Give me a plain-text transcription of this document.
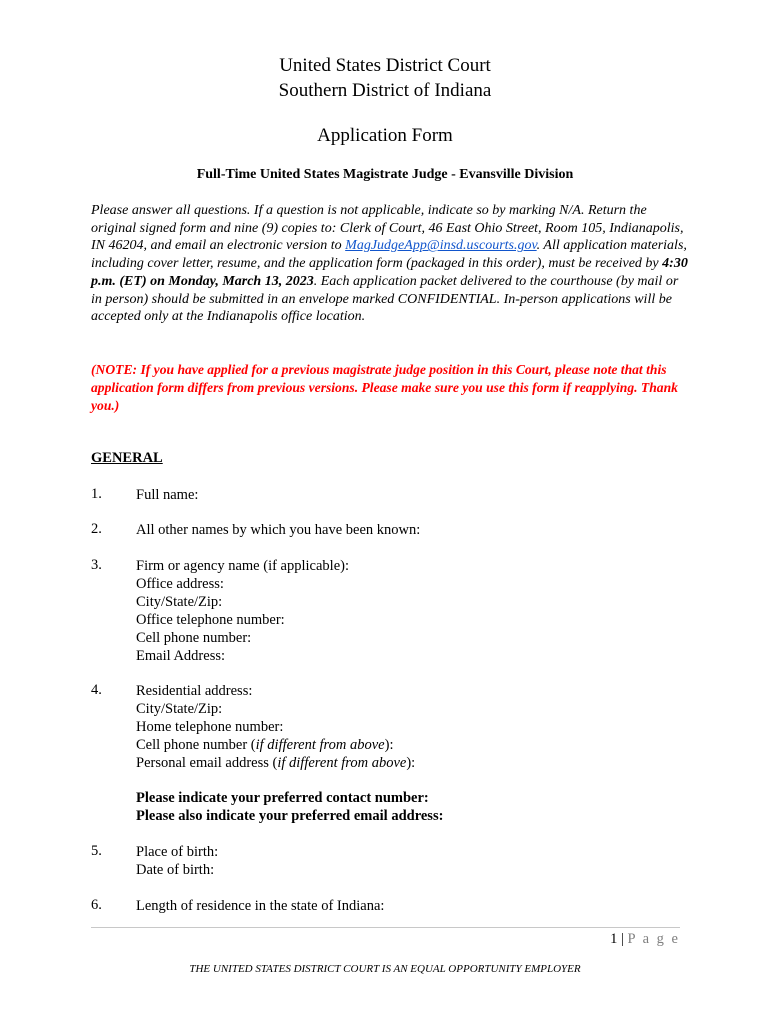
United States District Court
Southern District of Indiana
Application Form
Full-Time United States Magistrate Judge - Evansville Division
Please answer all questions. If a question is not applicable, indicate so by marking N/A. Return the original signed form and nine (9) copies to: Clerk of Court, 46 East Ohio Street, Room 105, Indianapolis, IN 46204, and email an electronic version to MagJudgeApp@insd.uscourts.gov. All application materials, including cover letter, resume, and the application form (packaged in this order), must be received by 4:30 p.m. (ET) on Monday, March 13, 2023. Each application packet delivered to the courthouse (by mail or in person) should be submitted in an envelope marked CONFIDENTIAL. In-person applications will be accepted only at the Indianapolis office location.
(NOTE: If you have applied for a previous magistrate judge position in this Court, please note that this application form differs from previous versions. Please make sure you use this form if reapplying. Thank you.)
GENERAL
1. Full name:
2. All other names by which you have been known:
3. Firm or agency name (if applicable):
Office address:
City/State/Zip:
Office telephone number:
Cell phone number:
Email Address:
4. Residential address:
City/State/Zip:
Home telephone number:
Cell phone number (if different from above):
Personal email address (if different from above):
Please indicate your preferred contact number:
Please also indicate your preferred email address:
5. Place of birth:
Date of birth:
6. Length of residence in the state of Indiana:
1 | P a g e
THE UNITED STATES DISTRICT COURT IS AN EQUAL OPPORTUNITY EMPLOYER
